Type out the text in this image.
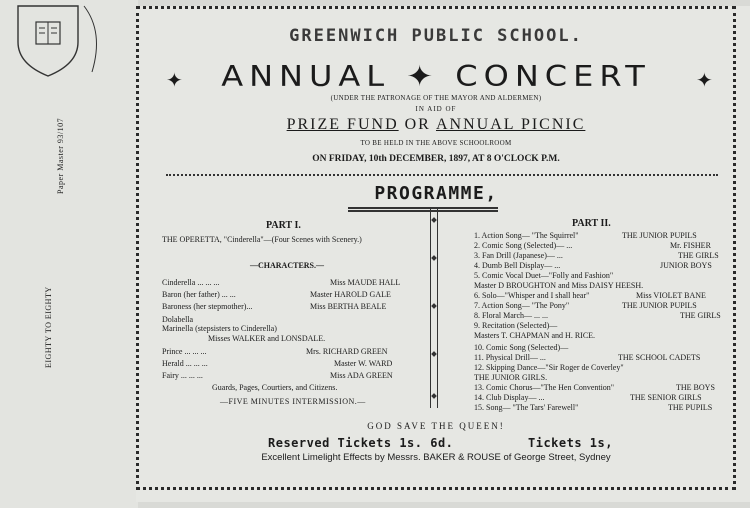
EIGHTY TO EIGHTY
Paper Master 93/107
GREENWICH PUBLIC SCHOOL.
ANNUAL ✦ CONCERT
✦	✦
(UNDER THE PATRONAGE OF THE MAYOR AND ALDERMEN)
IN AID OF
PRIZE FUND OR ANNUAL PICNIC
TO BE HELD IN THE ABOVE SCHOOLROOM
ON FRIDAY, 10th DECEMBER, 1897, AT 8 O'CLOCK P.M.
PROGRAMME,
PART I.
THE OPERETTA, "Cinderella"—(Four Scenes with Scenery.)
—CHARACTERS.—
Cinderella ... ... ...	Miss MAUDE HALL
Baron (her father) ... ...	Master HAROLD GALE
Baroness (her stepmother)...	Miss BERTHA BEALE
Dolabella
Marinella (stepsisters to Cinderella)
Misses WALKER and LONSDALE.
Prince ... ... ...	Mrs. RICHARD GREEN
Herald ... ... ...	Master W. WARD
Fairy ... ... ...	Miss ADA GREEN
Guards, Pages, Courtiers, and Citizens.
—FIVE MINUTES INTERMISSION.—
PART II.
1. Action Song— "The Squirrel"	THE JUNIOR PUPILS
2. Comic Song (Selected)— ...	Mr. FISHER
3. Fan Drill (Japanese)— ...	THE GIRLS
4. Dumb Bell Display— ...	JUNIOR BOYS
5. Comic Vocal Duet—"Folly and Fashion"
Master D BROUGHTON and Miss DAISY HEESH.
6. Solo—"Whisper and I shall hear"	Miss VIOLET BANE
7. Action Song— "The Pony"	THE JUNIOR PUPILS
8. Floral March— ... ...	THE GIRLS
9. Recitation (Selected)—
Masters T. CHAPMAN and H. RICE.
10. Comic Song (Selected)—
11. Physical Drill— ...	THE SCHOOL CADETS
12. Skipping Dance—"Sir Roger de Coverley"
THE JUNIOR GIRLS.
13. Comic Chorus—"The Hen Convention"	THE BOYS
14. Club Display— ...	THE SENIOR GIRLS
15. Song— "The Tars' Farewell"	THE PUPILS
GOD SAVE THE QUEEN!
Reserved Tickets 1s. 6d.	Tickets 1s,
Excellent Limelight Effects by Messrs. BAKER & ROUSE of George Street, Sydney
